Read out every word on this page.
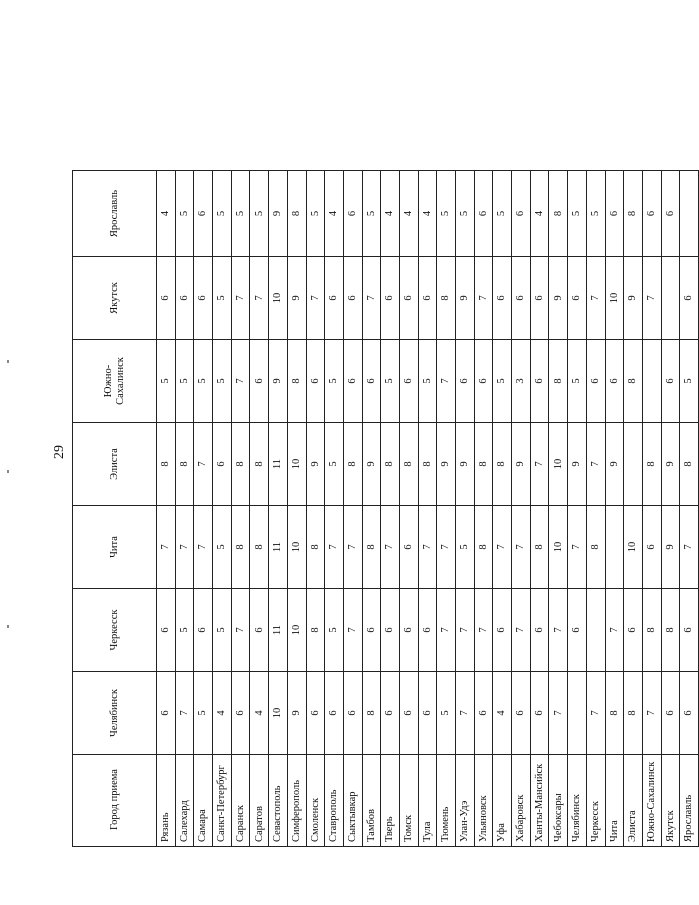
29
Город приема	Челябинск	Черкесск	Чита	Элиста	Южно-Сахалинск	Якутск	Ярославль
Рязань	6	6	7	8	5	6	4
Салехард	7	5	7	8	5	6	5
Самара	5	6	7	7	5	6	6
Санкт-Петербург	4	5	5	6	5	5	5
Саранск	6	7	8	8	7	7	5
Саратов	4	6	8	8	6	7	5
Севастополь	10	11	11	11	9	10	9
Симферополь	9	10	10	10	8	9	8
Смоленск	6	8	8	9	6	7	5
Ставрополь	6	5	7	5	5	6	4
Сыктывкар	6	7	7	8	6	6	6
Тамбов	8	6	8	9	6	7	5
Тверь	6	6	7	8	5	6	4
Томск	6	6	6	8	6	6	4
Тула	6	6	7	8	5	6	4
Тюмень	5	7	7	9	7	8	5
Улан-Удэ	7	7	5	9	6	9	5
Ульяновск	6	7	8	8	6	7	6
Уфа	4	6	7	8	5	6	5
Хабаровск	6	7	7	9	3	6	6
Ханты-Мансийск	6	6	8	7	6	6	4
Чебоксары	7	7	10	10	8	9	8
Челябинск		6	7	9	5	6	5
Черкесск	7		8	7	6	7	5
Чита	8	7		9	6	10	6
Элиста	8	6	10		8	9	8
Южно-Сахалинск	7	8	6	8		7	6
Якутск	6	8	9	9	6		6
Ярославль	6	6	7	8	5	6	
